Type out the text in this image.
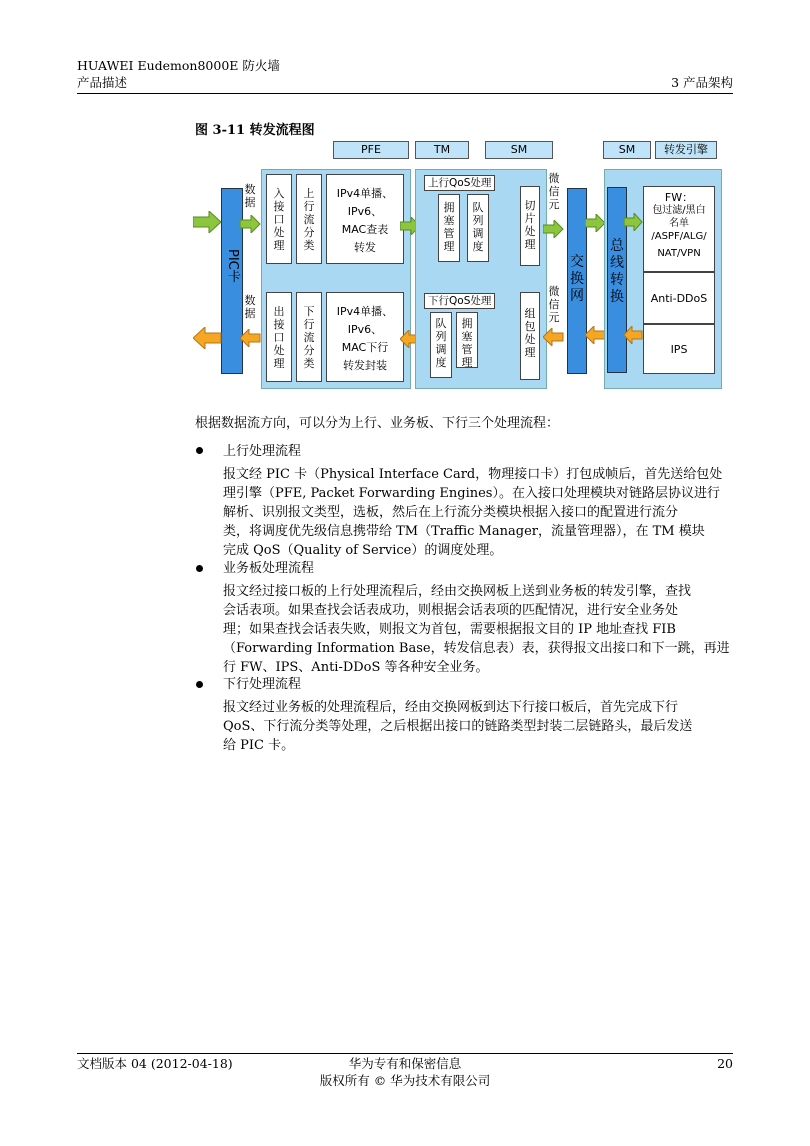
HUAWEI Eudemon8000E 防火墙
产品描述	3 产品架构
图 3-11 转发流程图
PFE	TM	SM	SM	转发引擎
PIC卡
数据
数据
入接口处理
上行流分类
IPv4单播、
IPv6、
MAC查表
转发
出接口处理
下行流分类
IPv4单播、
IPv6、
MAC下行
转发封装
上行QoS处理
拥塞管理
队列调度
切片处理
下行QoS处理
队列调度
拥塞管理
组包处理
微信元
微信元
交换网
总线转换
FW：
包过滤/黑白
名单
/ASPF/ALG/
NAT/VPN
Anti-DDoS
IPS
根据数据流方向，可以分为上行、业务板、下行三个处理流程：
上行处理流程
报文经 PIC 卡（Physical Interface Card，物理接口卡）打包成帧后，首先送给包处
理引擎（PFE, Packet Forwarding Engines）。在入接口处理模块对链路层协议进行
解析、识别报文类型，选板，然后在上行流分类模块根据入接口的配置进行流分
类，将调度优先级信息携带给 TM（Traffic Manager，流量管理器），在 TM 模块
完成 QoS（Quality of Service）的调度处理。
业务板处理流程
报文经过接口板的上行处理流程后，经由交换网板上送到业务板的转发引擎，查找
会话表项。如果查找会话表成功，则根据会话表项的匹配情况，进行安全业务处
理；如果查找会话表失败，则报文为首包，需要根据报文目的 IP 地址查找 FIB
（Forwarding Information Base，转发信息表）表，获得报文出接口和下一跳，再进
行 FW、IPS、Anti-DDoS 等各种安全业务。
下行处理流程
报文经过业务板的处理流程后，经由交换网板到达下行接口板后，首先完成下行
QoS、下行流分类等处理，之后根据出接口的链路类型封装二层链路头，最后发送
给 PIC 卡。
文档版本 04 (2012-04-18)	华为专有和保密信息
版权所有 © 华为技术有限公司
20
